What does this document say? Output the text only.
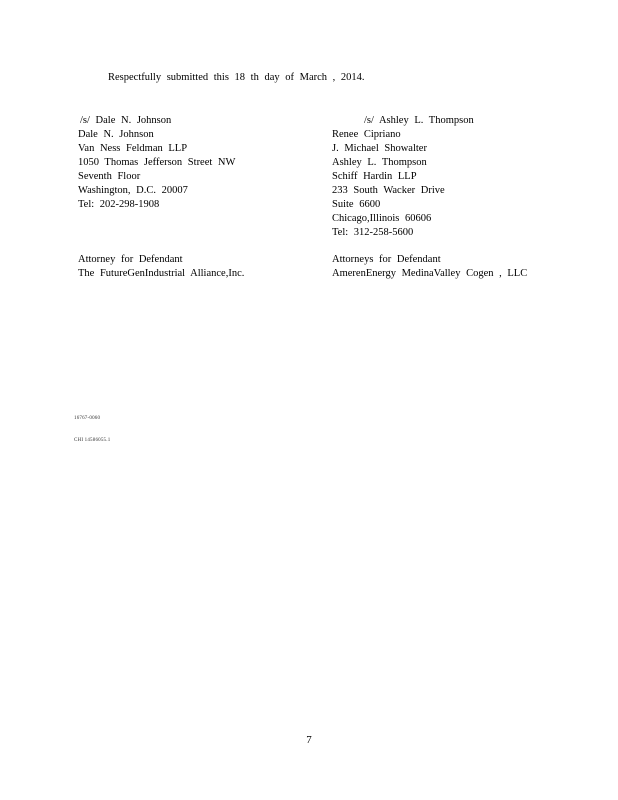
Respectfully submitted this 18 th day of March , 2014.
/s/ Dale N. Johnson
Dale N. Johnson
Van Ness Feldman LLP
1050 Thomas Jefferson Street NW
Seventh Floor
Washington, D.C. 20007
Tel: 202-298-1908
/s/ Ashley L. Thompson
Renee Cipriano
J. Michael Showalter
Ashley L. Thompson
Schiff Hardin LLP
233 South Wacker Drive
Suite 6600
Chicago,Illinois 60606
Tel: 312-258-5600
Attorney for Defendant
The FutureGenIndustrial Alliance,Inc.
Attorneys for Defendant
AmerenEnergy MedinaValley Cogen , LLC
16767-0060
CHI 14586055.1
7
